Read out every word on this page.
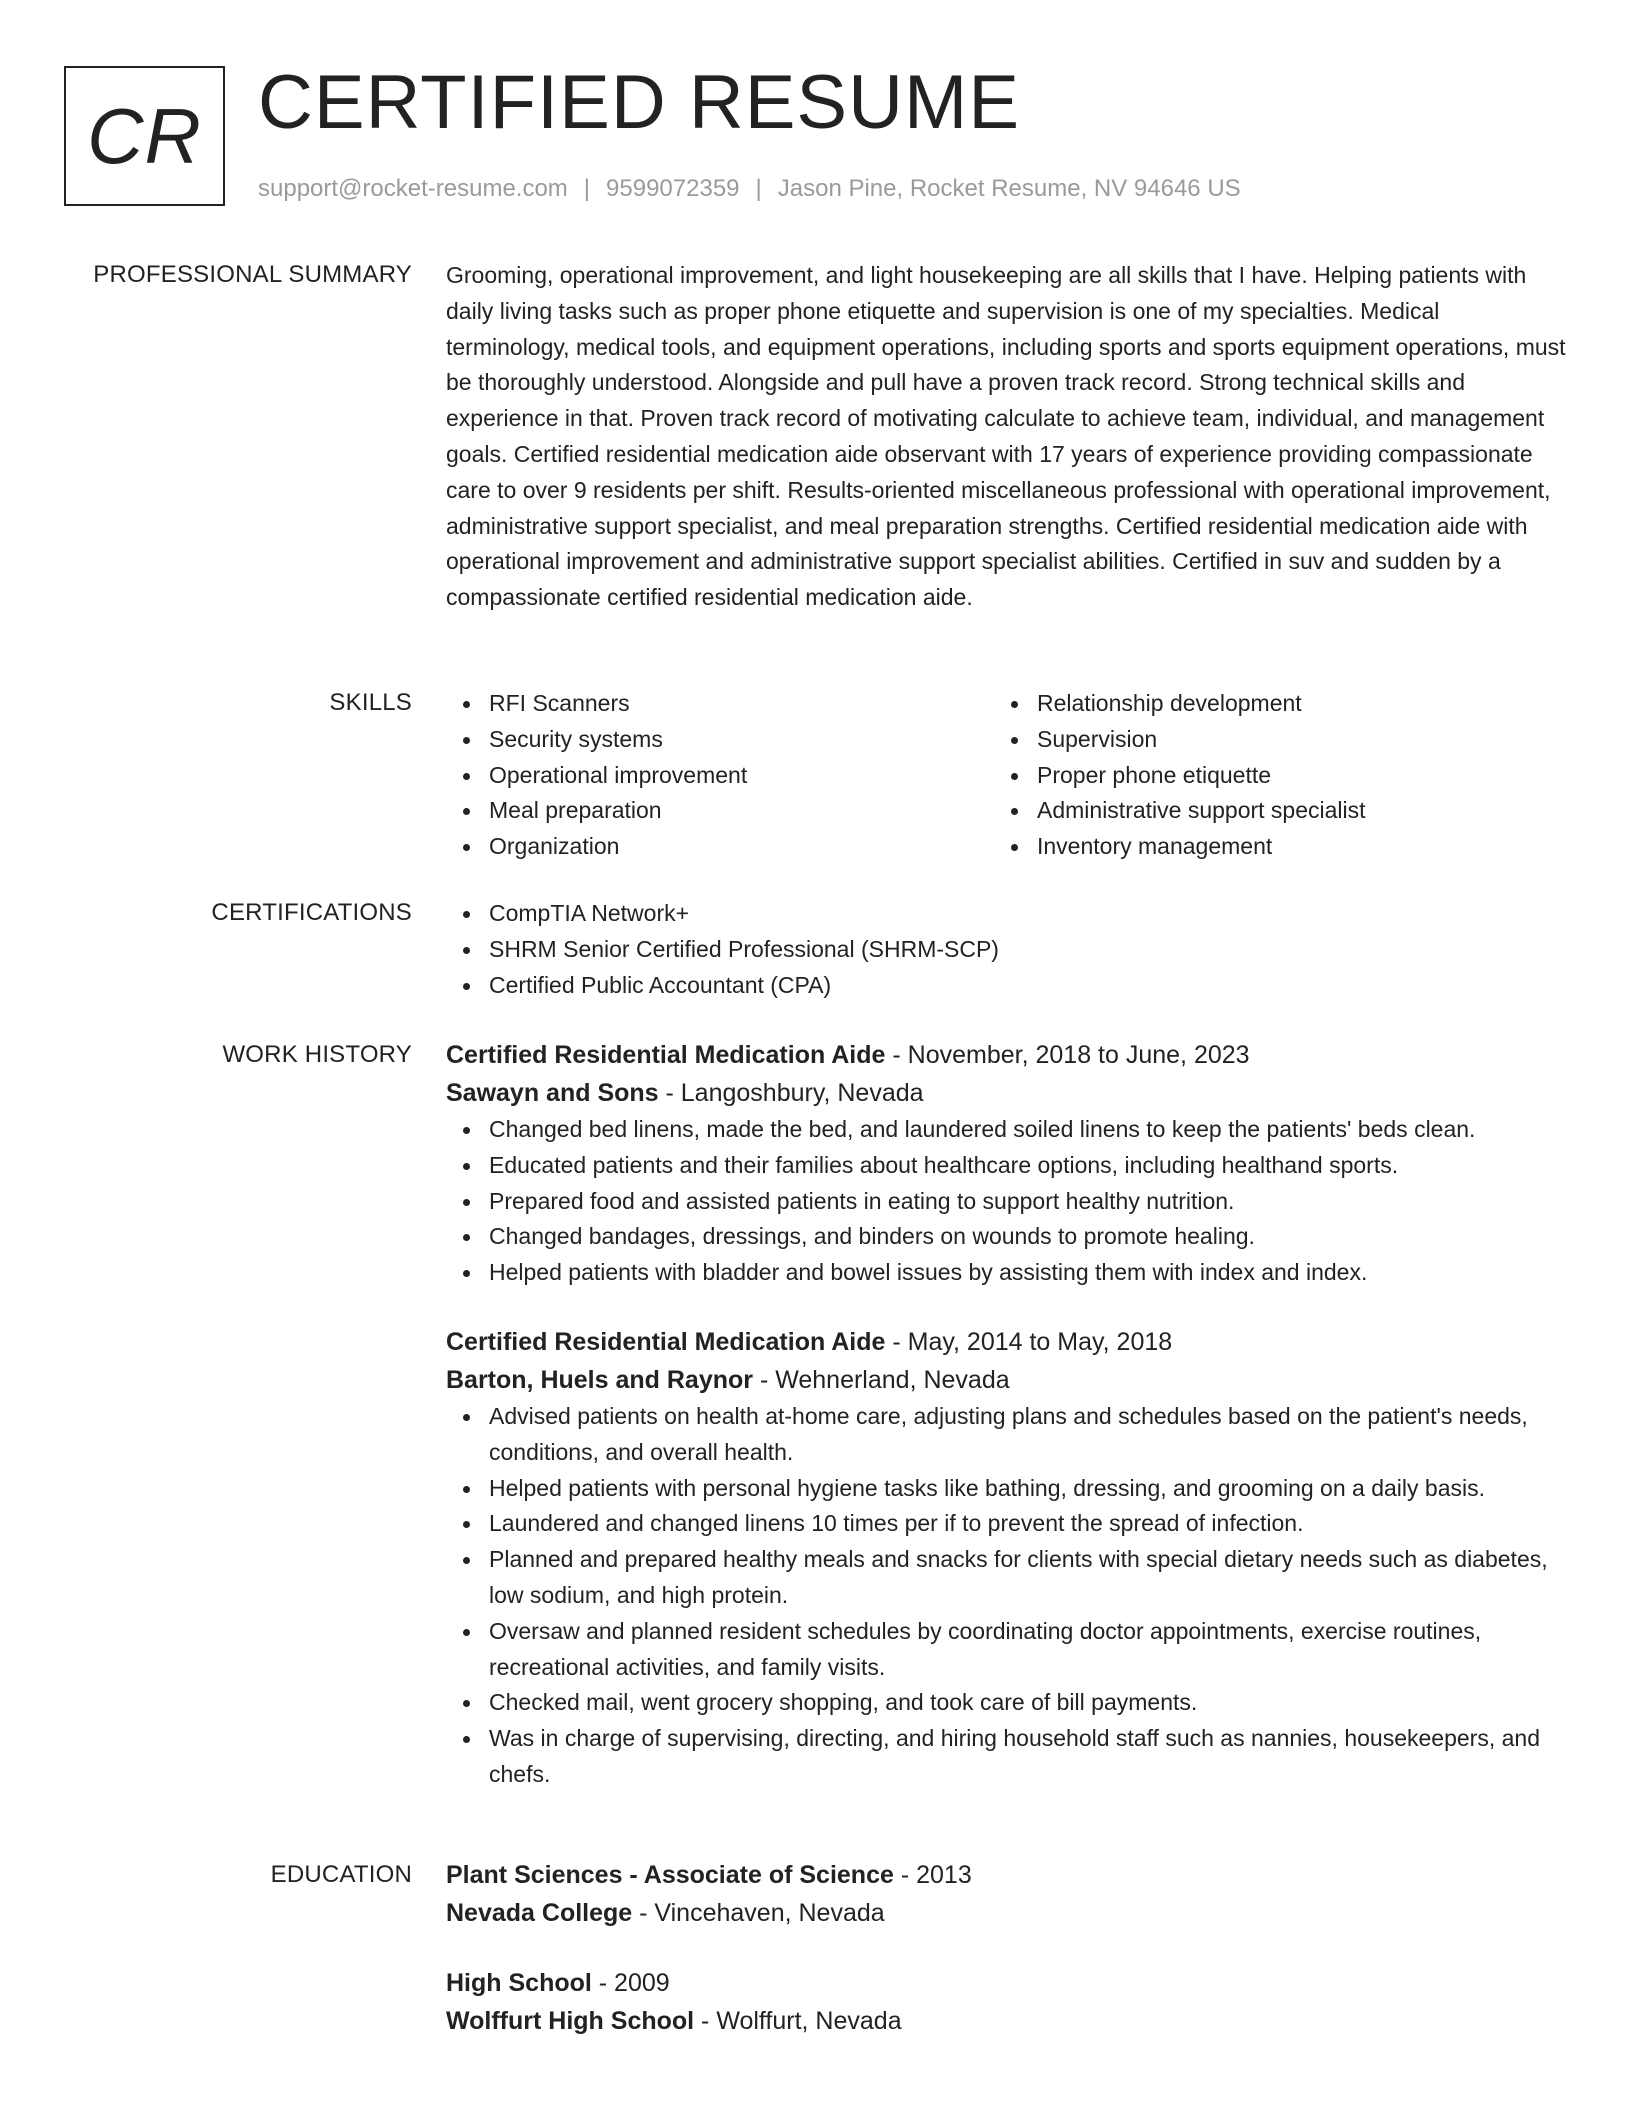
CR CERTIFIED RESUME
support@rocket-resume.com | 9599072359 | Jason Pine, Rocket Resume, NV 94646 US
PROFESSIONAL SUMMARY Grooming, operational improvement, and light housekeeping are all skills that I have. Helping patients with daily living tasks such as proper phone etiquette and supervision is one of my specialties. Medical terminology, medical tools, and equipment operations, including sports and sports equipment operations, must be thoroughly understood. Alongside and pull have a proven track record. Strong technical skills and experience in that. Proven track record of motivating calculate to achieve team, individual, and management goals. Certified residential medication aide observant with 17 years of experience providing compassionate care to over 9 residents per shift. Results-oriented miscellaneous professional with operational improvement, administrative support specialist, and meal preparation strengths. Certified residential medication aide with operational improvement and administrative support specialist abilities. Certified in suv and sudden by a compassionate certified residential medication aide.

SKILLS	RFI Scanners
Security systems
Operational improvement
Meal preparation
Organization
Relationship development
Supervision
Proper phone etiquette
Administrative support specialist
Inventory management
CERTIFICATIONS	CompTIA Network+
SHRM Senior Certified Professional (SHRM-SCP)
Certified Public Accountant (CPA)
WORK HISTORY Certified Residential Medication Aide - November, 2018 to June, 2023
Sawayn and Sons - Langoshbury, Nevada
Changed bed linens, made the bed, and laundered soiled linens to keep the patients' beds clean.
Educated patients and their families about healthcare options, including healthand sports.
Prepared food and assisted patients in eating to support healthy nutrition.
Changed bandages, dressings, and binders on wounds to promote healing.
Helped patients with bladder and bowel issues by assisting them with index and index.
Certified Residential Medication Aide - May, 2014 to May, 2018
Barton, Huels and Raynor - Wehnerland, Nevada
Advised patients on health at-home care, adjusting plans and schedules based on the patient's needs, conditions, and overall health.
Helped patients with personal hygiene tasks like bathing, dressing, and grooming on a daily basis.
Laundered and changed linens 10 times per if to prevent the spread of infection.
Planned and prepared healthy meals and snacks for clients with special dietary needs such as diabetes, low sodium, and high protein.
Oversaw and planned resident schedules by coordinating doctor appointments, exercise routines, recreational activities, and family visits.
Checked mail, went grocery shopping, and took care of bill payments.
Was in charge of supervising, directing, and hiring household staff such as nannies, housekeepers, and chefs.
EDUCATION Plant Sciences - Associate of Science - 2013
Nevada College - Vincehaven, Nevada
High School - 2009
Wolffurt High School - Wolffurt, Nevada
